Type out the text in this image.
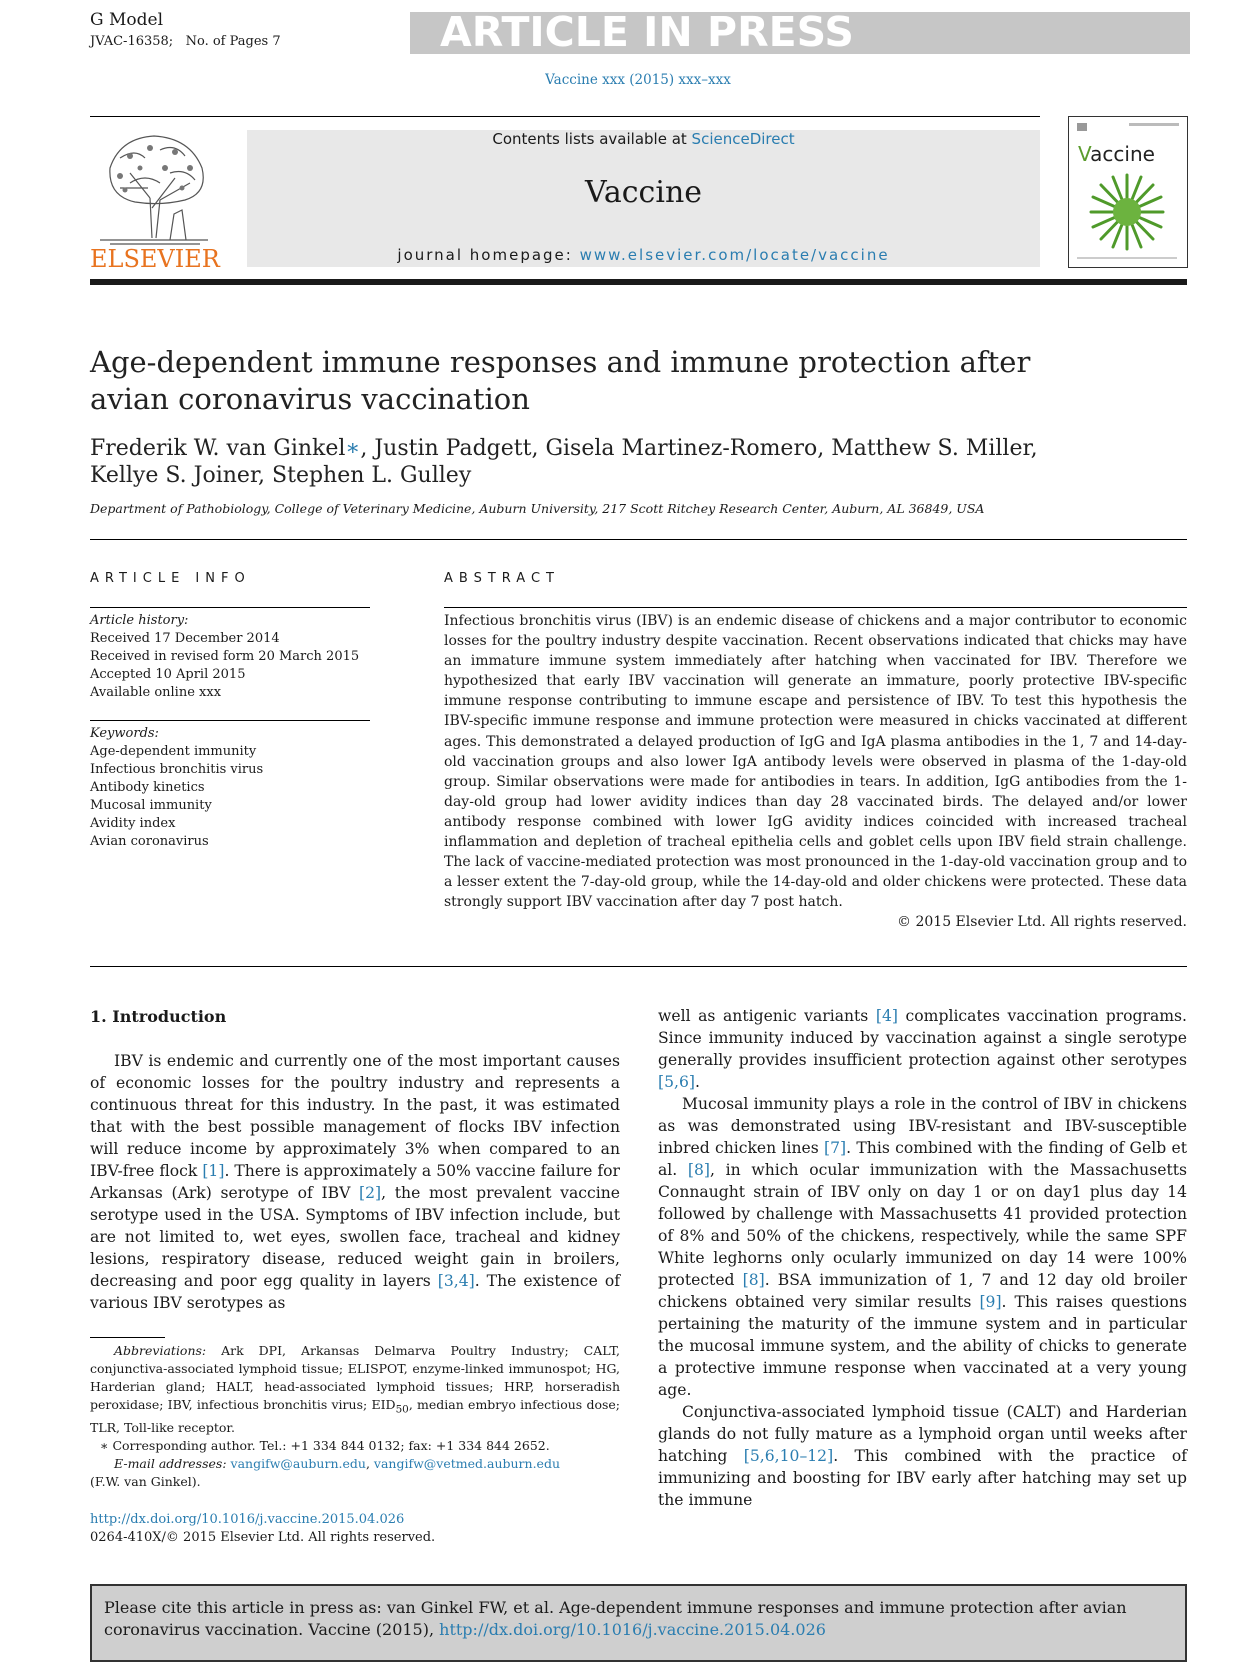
G Model
JVAC-16358; No. of Pages 7	ARTICLE IN PRESS
Vaccine xxx (2015) xxx–xxx
Contents lists available at ScienceDirect
Vaccine
journal homepage: www.elsevier.com/locate/vaccine
ELSEVIER
Vaccine
Age-dependent immune responses and immune protection after
avian coronavirus vaccination
Frederik W. van Ginkel∗, Justin Padgett, Gisela Martinez-Romero, Matthew S. Miller,
Kellye S. Joiner, Stephen L. Gulley
Department of Pathobiology, College of Veterinary Medicine, Auburn University, 217 Scott Ritchey Research Center, Auburn, AL 36849, USA
ARTICLE INFO
Article history:
Received 17 December 2014
Received in revised form 20 March 2015
Accepted 10 April 2015
Available online xxx
Keywords:
Age-dependent immunity
Infectious bronchitis virus
Antibody kinetics
Mucosal immunity
Avidity index
Avian coronavirus
ABSTRACT
Infectious bronchitis virus (IBV) is an endemic disease of chickens and a major contributor to economic losses for the poultry industry despite vaccination. Recent observations indicated that chicks may have an immature immune system immediately after hatching when vaccinated for IBV. Therefore we hypothesized that early IBV vaccination will generate an immature, poorly protective IBV-specific immune response contributing to immune escape and persistence of IBV. To test this hypothesis the IBV-specific immune response and immune protection were measured in chicks vaccinated at different ages. This demonstrated a delayed production of IgG and IgA plasma antibodies in the 1, 7 and 14-day-old vaccination groups and also lower IgA antibody levels were observed in plasma of the 1-day-old group. Similar observations were made for antibodies in tears. In addition, IgG antibodies from the 1-day-old group had lower avidity indices than day 28 vaccinated birds. The delayed and/or lower antibody response combined with lower IgG avidity indices coincided with increased tracheal inflammation and depletion of tracheal epithelia cells and goblet cells upon IBV field strain challenge. The lack of vaccine-mediated protection was most pronounced in the 1-day-old vaccination group and to a lesser extent the 7-day-old group, while the 14-day-old and older chickens were protected. These data strongly support IBV vaccination after day 7 post hatch.
© 2015 Elsevier Ltd. All rights reserved.
1. Introduction

IBV is endemic and currently one of the most important causes of economic losses for the poultry industry and represents a continuous threat for this industry. In the past, it was estimated that with the best possible management of flocks IBV infection will reduce income by approximately 3% when compared to an IBV-free flock [1]. There is approximately a 50% vaccine failure for Arkansas (Ark) serotype of IBV [2], the most prevalent vaccine serotype used in the USA. Symptoms of IBV infection include, but are not limited to, wet eyes, swollen face, tracheal and kidney lesions, respiratory disease, reduced weight gain in broilers, decreasing and poor egg quality in layers [3,4]. The existence of various IBV serotypes as

well as antigenic variants [4] complicates vaccination programs. Since immunity induced by vaccination against a single serotype generally provides insufficient protection against other serotypes [5,6].

Mucosal immunity plays a role in the control of IBV in chickens as was demonstrated using IBV-resistant and IBV-susceptible inbred chicken lines [7]. This combined with the finding of Gelb et al. [8], in which ocular immunization with the Massachusetts Connaught strain of IBV only on day 1 or on day1 plus day 14 followed by challenge with Massachusetts 41 provided protection of 8% and 50% of the chickens, respectively, while the same SPF White leghorns only ocularly immunized on day 14 were 100% protected [8]. BSA immunization of 1, 7 and 12 day old broiler chickens obtained very similar results [9]. This raises questions pertaining the maturity of the immune system and in particular the mucosal immune system, and the ability of chicks to generate a protective immune response when vaccinated at a very young age.

Conjunctiva-associated lymphoid tissue (CALT) and Harderian glands do not fully mature as a lymphoid organ until weeks after hatching [5,6,10–12]. This combined with the practice of immunizing and boosting for IBV early after hatching may set up the immune

Abbreviations: Ark DPI, Arkansas Delmarva Poultry Industry; CALT, conjunctiva-associated lymphoid tissue; ELISPOT, enzyme-linked immunospot; HG, Harderian gland; HALT, head-associated lymphoid tissues; HRP, horseradish peroxidase; IBV, infectious bronchitis virus; $EID_{50}$, median embryo infectious dose; TLR, Toll-like receptor.

∗ Corresponding author. Tel.: +1 334 844 0132; fax: +1 334 844 2652.

E-mail addresses: vangifw@auburn.edu, vangifw@vetmed.auburn.edu

(F.W. van Ginkel).

http://dx.doi.org/10.1016/j.vaccine.2015.04.026
0264-410X/© 2015 Elsevier Ltd. All rights reserved.
Please cite this article in press as: van Ginkel FW, et al. Age-dependent immune responses and immune protection after avian coronavirus vaccination. Vaccine (2015), http://dx.doi.org/10.1016/j.vaccine.2015.04.026
